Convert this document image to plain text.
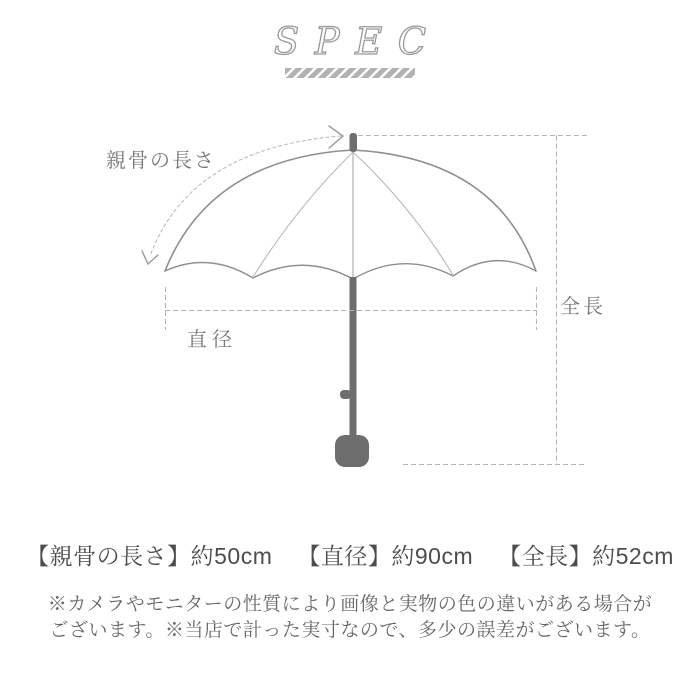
SPEC
親骨の長さ
直径
全長
【親骨の長さ】約50cm 【直径】約90cm 【全長】約52cm
※カメラやモニターの性質により画像と実物の色の違いがある場合が
ございます。※当店で計った実寸なので、多少の誤差がございます。
